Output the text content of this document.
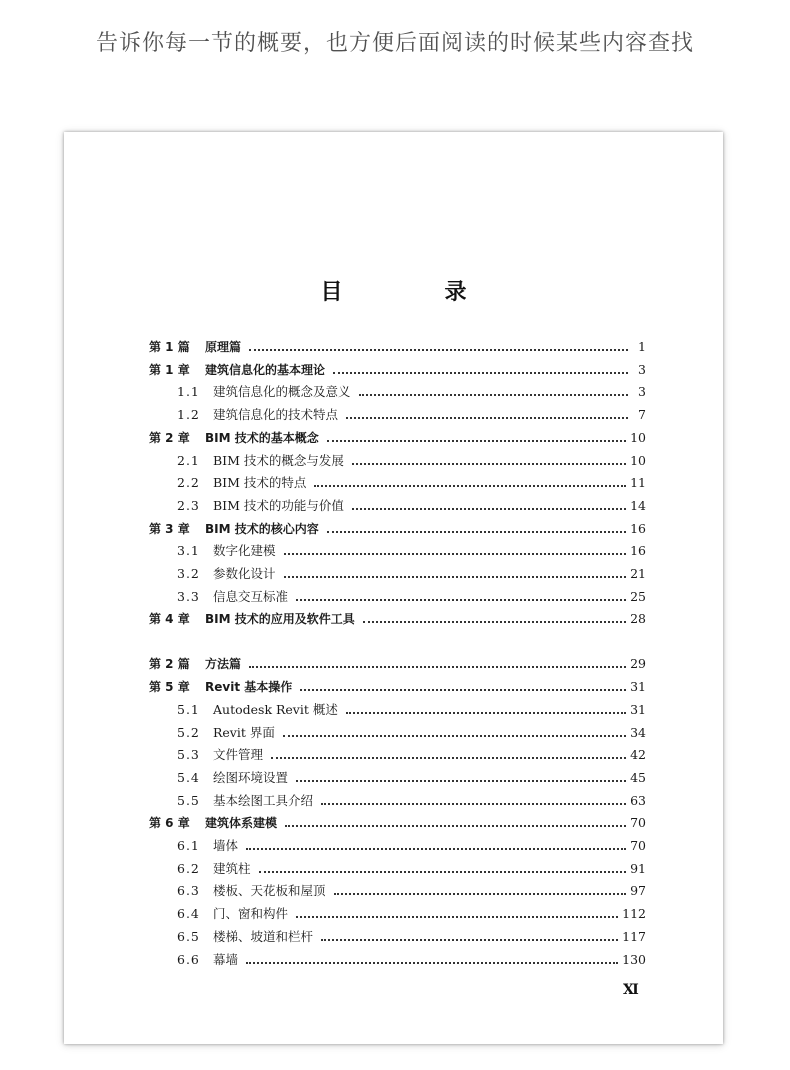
告诉你每一节的概要，也方便后面阅读的时候某些内容查找
目　录
第 1 篇	原理篇	1
第 1 章	建筑信息化的基本理论	3
1.1	建筑信息化的概念及意义	3
1.2	建筑信息化的技术特点	7
第 2 章	BIM 技术的基本概念	10
2.1	BIM 技术的概念与发展	10
2.2	BIM 技术的特点	11
2.3	BIM 技术的功能与价值	14
第 3 章	BIM 技术的核心内容	16
3.1	数字化建模	16
3.2	参数化设计	21
3.3	信息交互标准	25
第 4 章	BIM 技术的应用及软件工具	28
第 2 篇	方法篇	29
第 5 章	Revit 基本操作	31
5.1	Autodesk Revit 概述	31
5.2	Revit 界面	34
5.3	文件管理	42
5.4	绘图环境设置	45
5.5	基本绘图工具介绍	63
第 6 章	建筑体系建模	70
6.1	墙体	70
6.2	建筑柱	91
6.3	楼板、天花板和屋顶	97
6.4	门、窗和构件	112
6.5	楼梯、坡道和栏杆	117
6.6	幕墙	130
Ⅺ
